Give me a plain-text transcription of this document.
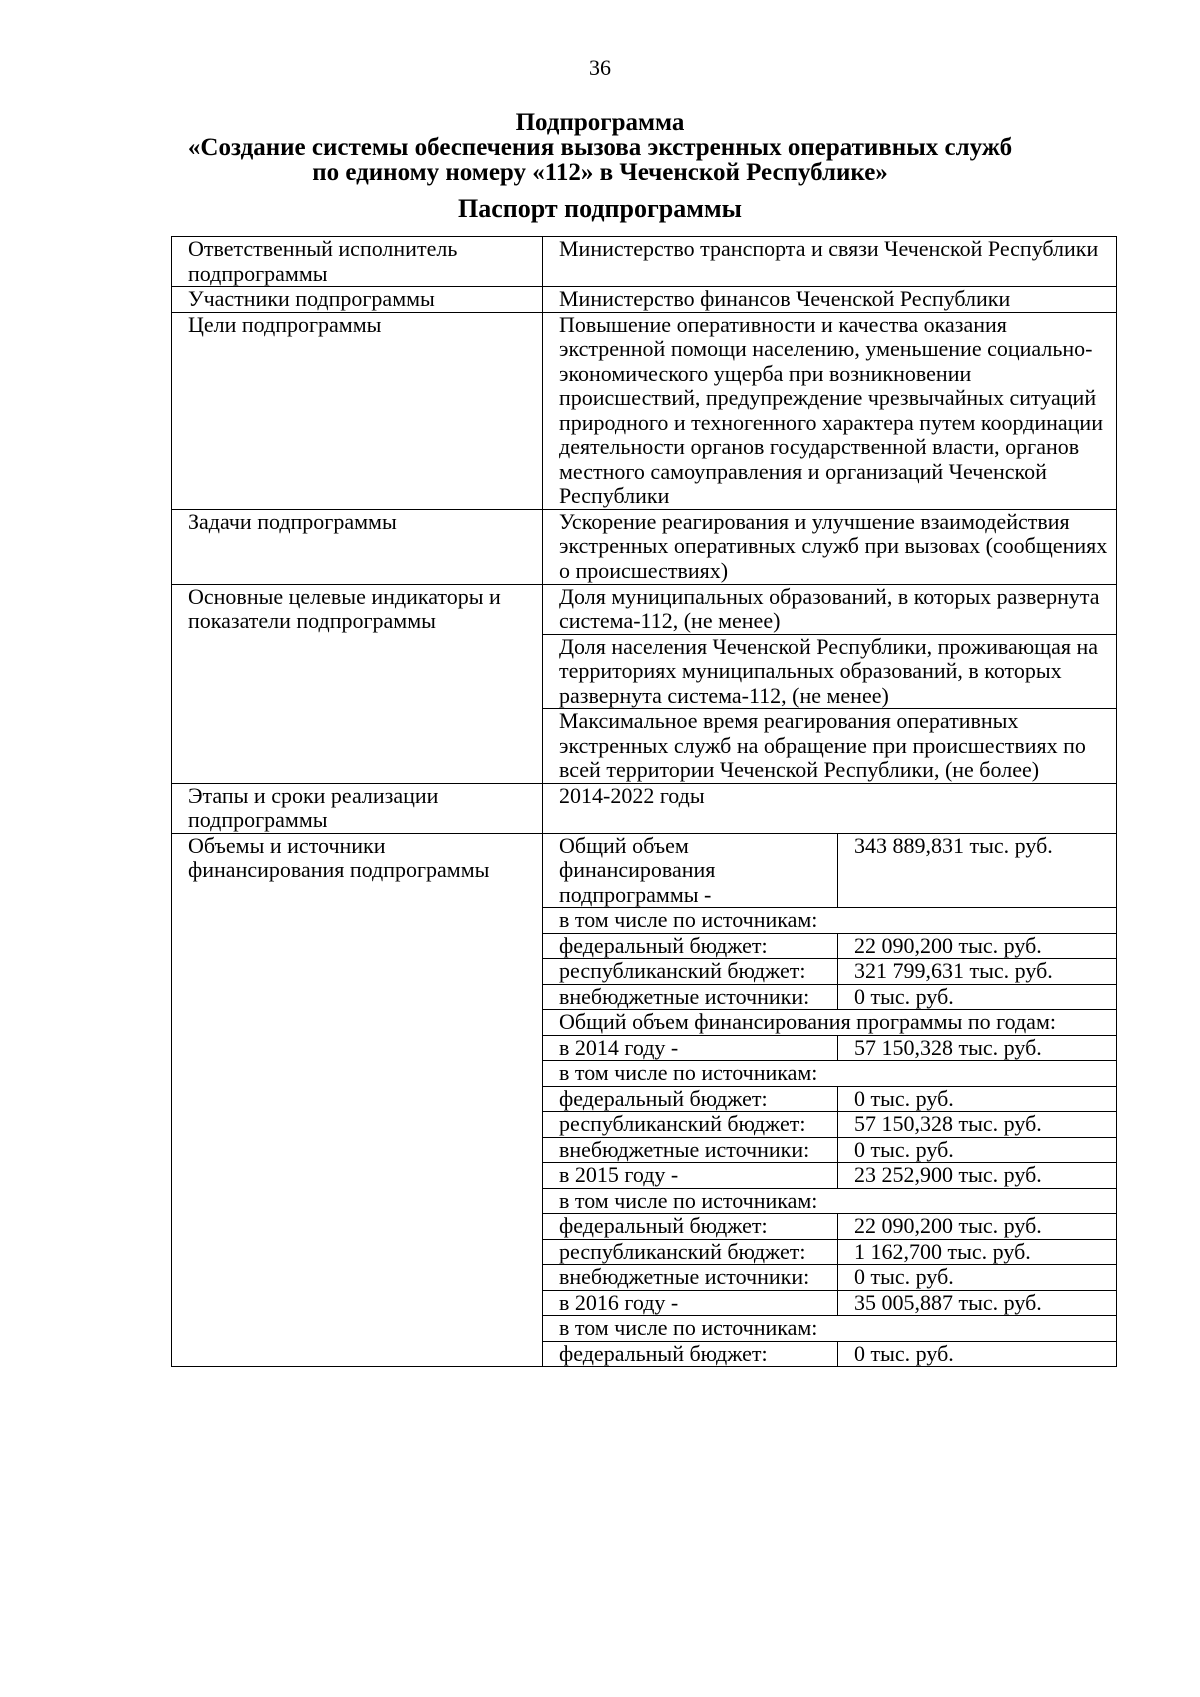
36
Подпрограмма
«Создание системы обеспечения вызова экстренных оперативных служб
по единому номеру «112» в Чеченской Республике»
Паспорт подпрограммы
Ответственный исполнитель подпрограммы	Министерство транспорта и связи Чеченской Республики
Участники подпрограммы	Министерство финансов Чеченской Республики
Цели подпрограммы	Повышение оперативности и качества оказания экстренной помощи населению, уменьшение социально-экономического ущерба при возникновении происшествий, предупреждение чрезвычайных ситуаций природного и техногенного характера путем координации деятельности органов государственной власти, органов местного самоуправления и организаций Чеченской Республики
Задачи подпрограммы	Ускорение реагирования и улучшение взаимодействия экстренных оперативных служб при вызовах (сообщениях о происшествиях)
Основные целевые индикаторы и показатели подпрограммы	Доля муниципальных образований, в которых развернута система-112, (не менее)
Доля населения Чеченской Республики, проживающая на территориях муниципальных образований, в которых развернута система-112, (не менее)
Максимальное время реагирования оперативных экстренных служб на обращение при происшествиях по всей территории Чеченской Республики, (не более)
Этапы и сроки реализации подпрограммы	2014-2022 годы
Объемы и источники финансирования подпрограммы	
Общий объем финансирования подпрограммы -	343 889,831 тыс. руб.
в том числе по источникам:
федеральный бюджет:	22 090,200 тыс. руб.
республиканский бюджет:	321 799,631 тыс. руб.
внебюджетные источники:	0 тыс. руб.
Общий объем финансирования программы по годам:
в 2014 году -	57 150,328 тыс. руб.
в том числе по источникам:
федеральный бюджет:	0 тыс. руб.
республиканский бюджет:	57 150,328 тыс. руб.
внебюджетные источники:	0 тыс. руб.
в 2015 году -	23 252,900 тыс. руб.
в том числе по источникам:
федеральный бюджет:	22 090,200 тыс. руб.
республиканский бюджет:	1 162,700 тыс. руб.
внебюджетные источники:	0 тыс. руб.
в 2016 году -	35 005,887 тыс. руб.
в том числе по источникам:
федеральный бюджет:	0 тыс. руб.
